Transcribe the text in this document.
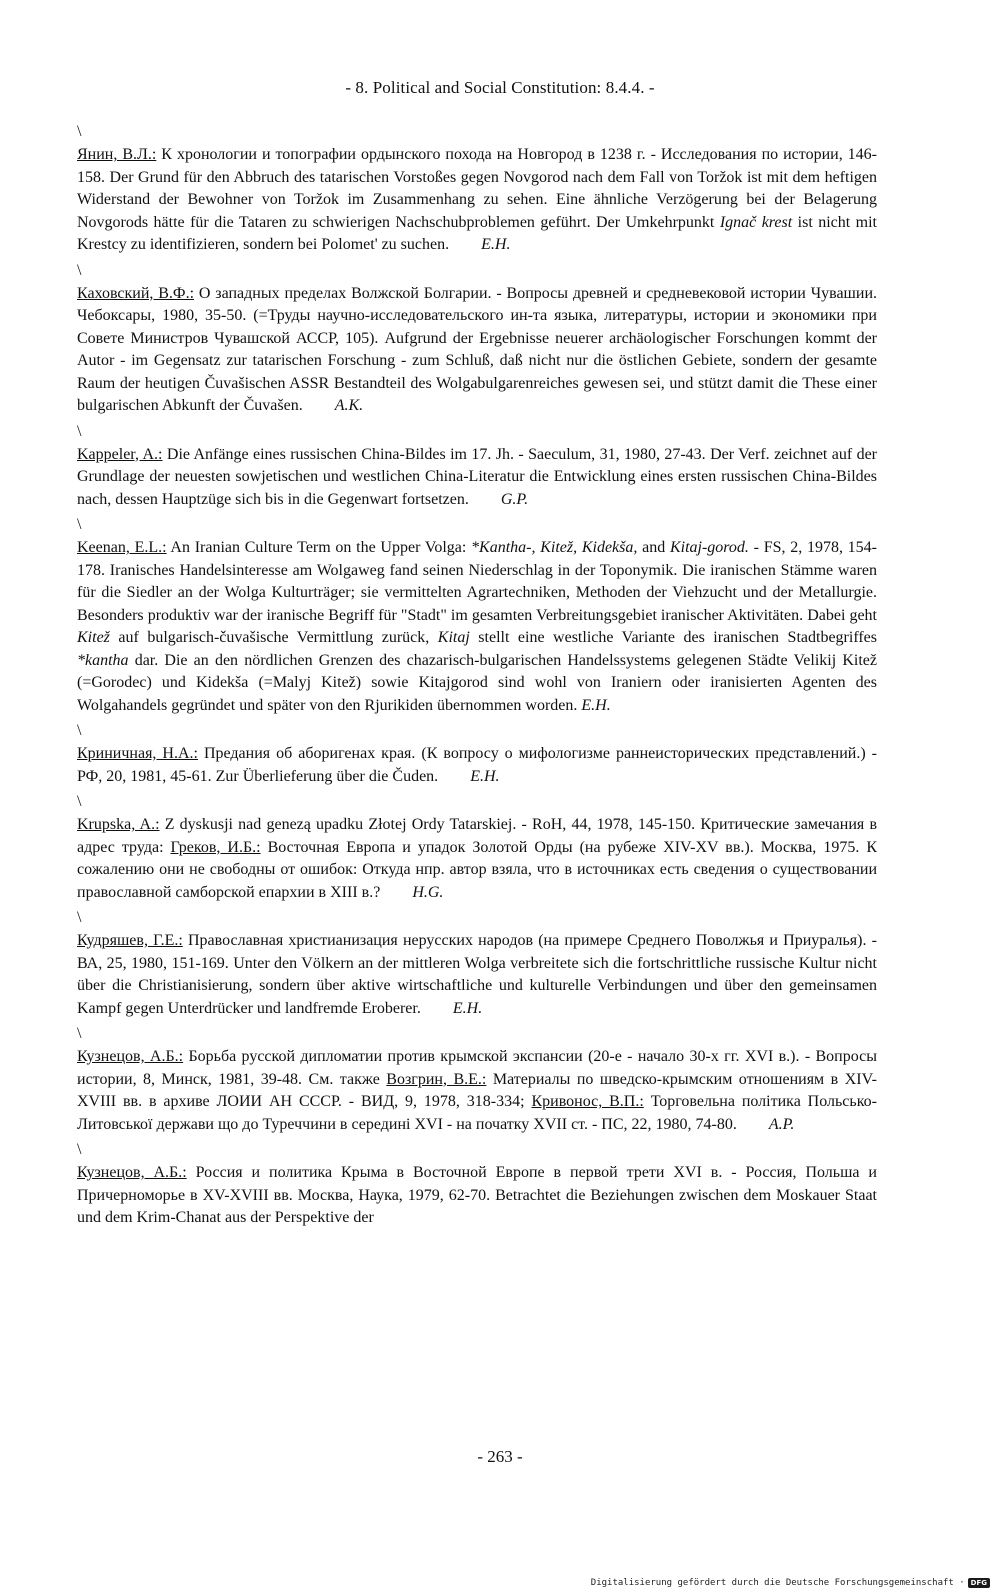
- 8. Political and Social Constitution: 8.4.4. -
\

Янин, В.Л.: К хронологии и топографии ордынского похода на Новгород в 1238 г. - Исследования по истории, 146-158. Der Grund für den Abbruch des tatarischen Vorstoßes gegen Novgorod nach dem Fall von Toržok ist mit dem heftigen Widerstand der Bewohner von Toržok im Zusammenhang zu sehen. Eine ähnliche Verzögerung bei der Belagerung Novgorods hätte für die Tataren zu schwierigen Nachschubproblemen geführt. Der Umkehrpunkt Ignač krest ist nicht mit Krestcy zu identifizieren, sondern bei Polomet' zu suchen. E.H.

\

Каховский, В.Ф.: О западных пределах Волжской Болгарии. - Вопросы древней и средневековой истории Чувашии. Чебоксары, 1980, 35-50. (=Труды научно-исследовательского ин-та языка, литературы, истории и экономики при Совете Министров Чувашской АССР, 105). Aufgrund der Ergebnisse neuerer archäologischer Forschungen kommt der Autor - im Gegensatz zur tatarischen Forschung - zum Schluß, daß nicht nur die östlichen Gebiete, sondern der gesamte Raum der heutigen Čuvašischen ASSR Bestandteil des Wolgabulgarenreiches gewesen sei, und stützt damit die These einer bulgarischen Abkunft der Čuvašen. A.K.

\

Kappeler, A.: Die Anfänge eines russischen China-Bildes im 17. Jh. - Saeculum, 31, 1980, 27-43. Der Verf. zeichnet auf der Grundlage der neuesten sowjetischen und westlichen China-Literatur die Entwicklung eines ersten russischen China-Bildes nach, dessen Hauptzüge sich bis in die Gegenwart fortsetzen. G.P.

\

Keenan, E.L.: An Iranian Culture Term on the Upper Volga: *Kantha-, Kitež, Kidekša, and Kitaj-gorod. - FS, 2, 1978, 154-178. Iranisches Handelsinteresse am Wolgaweg fand seinen Niederschlag in der Toponymik. Die iranischen Stämme waren für die Siedler an der Wolga Kulturträger; sie vermittelten Agrartechniken, Methoden der Viehzucht und der Metallurgie. Besonders produktiv war der iranische Begriff für "Stadt" im gesamten Verbreitungsgebiet iranischer Aktivitäten. Dabei geht Kitež auf bulgarisch-čuvašische Vermittlung zurück, Kitaj stellt eine westliche Variante des iranischen Stadtbegriffes *kantha dar. Die an den nördlichen Grenzen des chazarisch-bulgarischen Handelssystems gelegenen Städte Velikij Kitež (=Gorodec) und Kidekša (=Malyj Kitež) sowie Kitajgorod sind wohl von Iraniern oder iranisierten Agenten des Wolgahandels gegründet und später von den Rjurikiden übernommen worden. E.H.

\

Криничная, Н.А.: Предания об аборигенах края. (К вопросу о мифологизме раннеисторических представлений.) - РФ, 20, 1981, 45-61. Zur Überlieferung über die Čuden. E.H.

\

Krupska, A.: Z dyskusji nad genezą upadku Złotej Ordy Tatarskiej. - RoH, 44, 1978, 145-150. Критические замечания в адрес труда: Греков, И.Б.: Восточная Европа и упадок Золотой Орды (на рубеже XIV-XV вв.). Москва, 1975. К сожалению они не свободны от ошибок: Откуда нпр. автор взяла, что в источниках есть сведения о существовании православной самборской епархии в XIII в.? H.G.

\

Кудряшев, Г.Е.: Православная христианизация нерусских народов (на примере Среднего Поволжья и Приуралья). - ВА, 25, 1980, 151-169. Unter den Völkern an der mittleren Wolga verbreitete sich die fortschrittliche russische Kultur nicht über die Christianisierung, sondern über aktive wirtschaftliche und kulturelle Verbindungen und über den gemeinsamen Kampf gegen Unterdrücker und landfremde Eroberer. E.H.

\

Кузнецов, А.Б.: Борьба русской дипломатии против крымской экспансии (20-е - начало 30-х гг. XVI в.). - Вопросы истории, 8, Минск, 1981, 39-48. См. также Возгрин, В.Е.: Материалы по шведско-крымским отношениям в XIV-XVIII вв. в архиве ЛОИИ АН СССР. - ВИД, 9, 1978, 318-334; Кривонос, В.П.: Торговельна політика Польсько-Литовської держави що до Туреччини в середині XVI - на початку XVII ст. - ПС, 22, 1980, 74-80. A.P.

\

Кузнецов, А.Б.: Россия и политика Крыма в Восточной Европе в первой трети XVI в. - Россия, Польша и Причерноморье в XV-XVIII вв. Москва, Наука, 1979, 62-70. Betrachtet die Beziehungen zwischen dem Moskauer Staat und dem Krim-Chanat aus der Perspektive der

- 263 -
Digitalisierung gefördert durch die Deutsche Forschungsgemeinschaft · DFG
